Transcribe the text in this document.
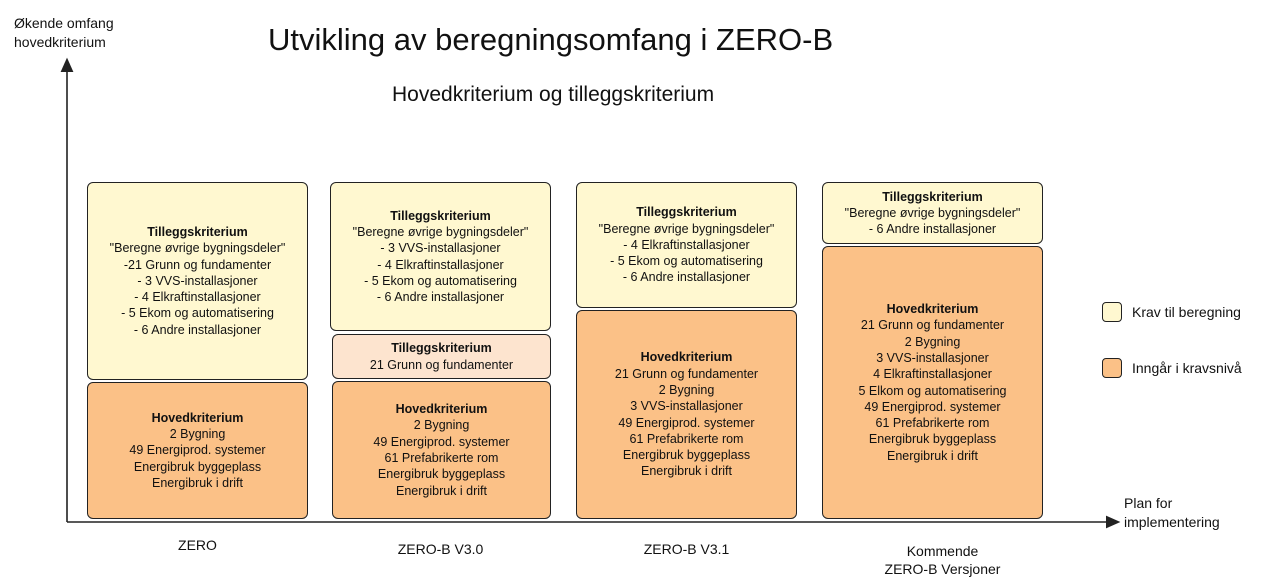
Utvikling av beregningsomfang i ZERO-B
Hovedkriterium og tilleggskriterium
Økende omfang
hovedkriterium
Plan for
implementering
Tilleggskriterium
"Beregne øvrige bygningsdeler"
-21 Grunn og fundamenter
- 3 VVS-installasjoner
- 4 Elkraftinstallasjoner
- 5 Ekom og automatisering
- 6 Andre installasjoner
Hovedkriterium
2 Bygning
49 Energiprod. systemer
Energibruk byggeplass
Energibruk i drift
ZERO
Tilleggskriterium
"Beregne øvrige bygningsdeler"
- 3 VVS-installasjoner
- 4 Elkraftinstallasjoner
- 5 Ekom og automatisering
- 6 Andre installasjoner
Tilleggskriterium
21 Grunn og fundamenter
Hovedkriterium
2 Bygning
49 Energiprod. systemer
61 Prefabrikerte rom
Energibruk byggeplass
Energibruk i drift
ZERO-B V3.0
Tilleggskriterium
"Beregne øvrige bygningsdeler"
- 4 Elkraftinstallasjoner
- 5 Ekom og automatisering
- 6 Andre installasjoner
Hovedkriterium
21 Grunn og fundamenter
2 Bygning
3 VVS-installasjoner
49 Energiprod. systemer
61 Prefabrikerte rom
Energibruk byggeplass
Energibruk i drift
ZERO-B V3.1
Tilleggskriterium
"Beregne øvrige bygningsdeler"
- 6 Andre installasjoner
Hovedkriterium
21 Grunn og fundamenter
2 Bygning
3 VVS-installasjoner
4 Elkraftinstallasjoner
5 Elkom og automatisering
49 Energiprod. systemer
61 Prefabrikerte rom
Energibruk byggeplass
Energibruk i drift
Kommende
ZERO-B Versjoner
Krav til beregning
Inngår i kravsnivå
